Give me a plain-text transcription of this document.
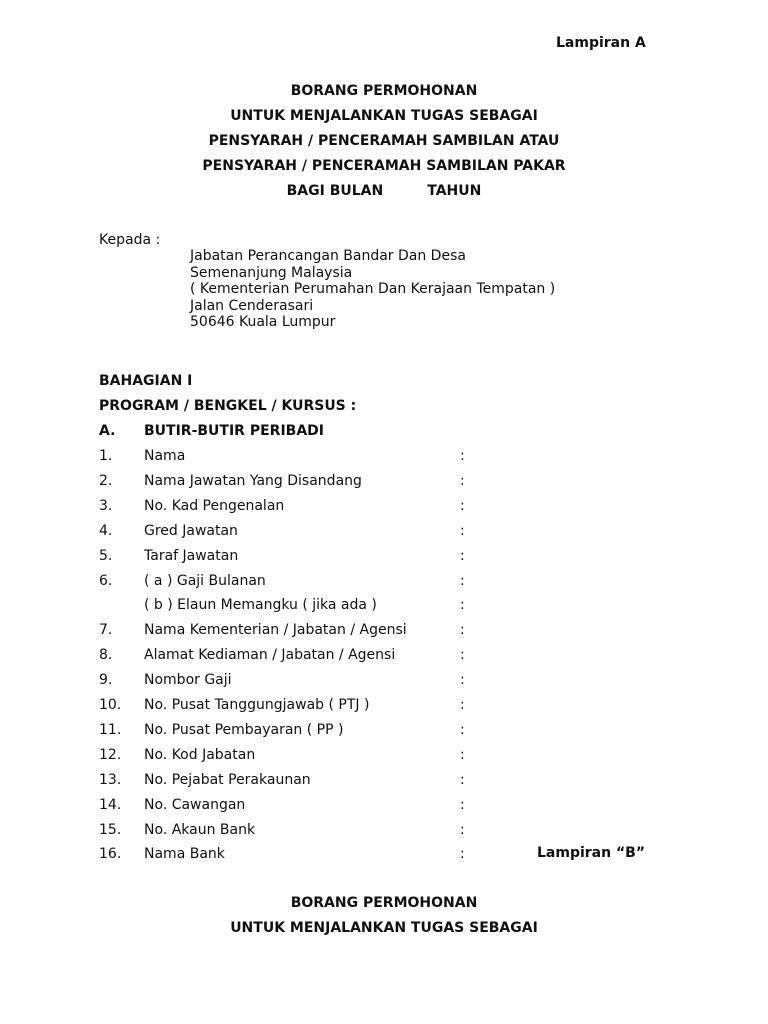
Lampiran A
BORANG PERMOHONAN
UNTUK MENJALANKAN TUGAS SEBAGAI
PENSYARAH / PENCERAMAH SAMBILAN ATAU
PENSYARAH / PENCERAMAH SAMBILAN PAKAR
BAGI BULAN	TAHUN
Kepada :
Jabatan Perancangan Bandar Dan Desa
Semenanjung Malaysia
( Kementerian Perumahan Dan Kerajaan Tempatan )
Jalan Cenderasari
50646 Kuala Lumpur
BAHAGIAN I
PROGRAM / BENGKEL / KURSUS :
A. BUTIR-BUTIR PERIBADI
1. Nama	:
2. Nama Jawatan Yang Disandang	:
3. No. Kad Pengenalan	:
4. Gred Jawatan	:
5. Taraf Jawatan	:
6. ( a ) Gaji Bulanan	:
( b ) Elaun Memangku ( jika ada )	:
7. Nama Kementerian / Jabatan / Agensi	:
8. Alamat Kediaman / Jabatan / Agensi	:
9. Nombor Gaji	:
10. No. Pusat Tanggungjawab ( PTJ )	:
11. No. Pusat Pembayaran ( PP )	:
12. No. Kod Jabatan	:
13. No. Pejabat Perakaunan	:
14. No. Cawangan	:
15. No. Akaun Bank	:
16. Nama Bank	:	Lampiran “B”
BORANG PERMOHONAN
UNTUK MENJALANKAN TUGAS SEBAGAI
